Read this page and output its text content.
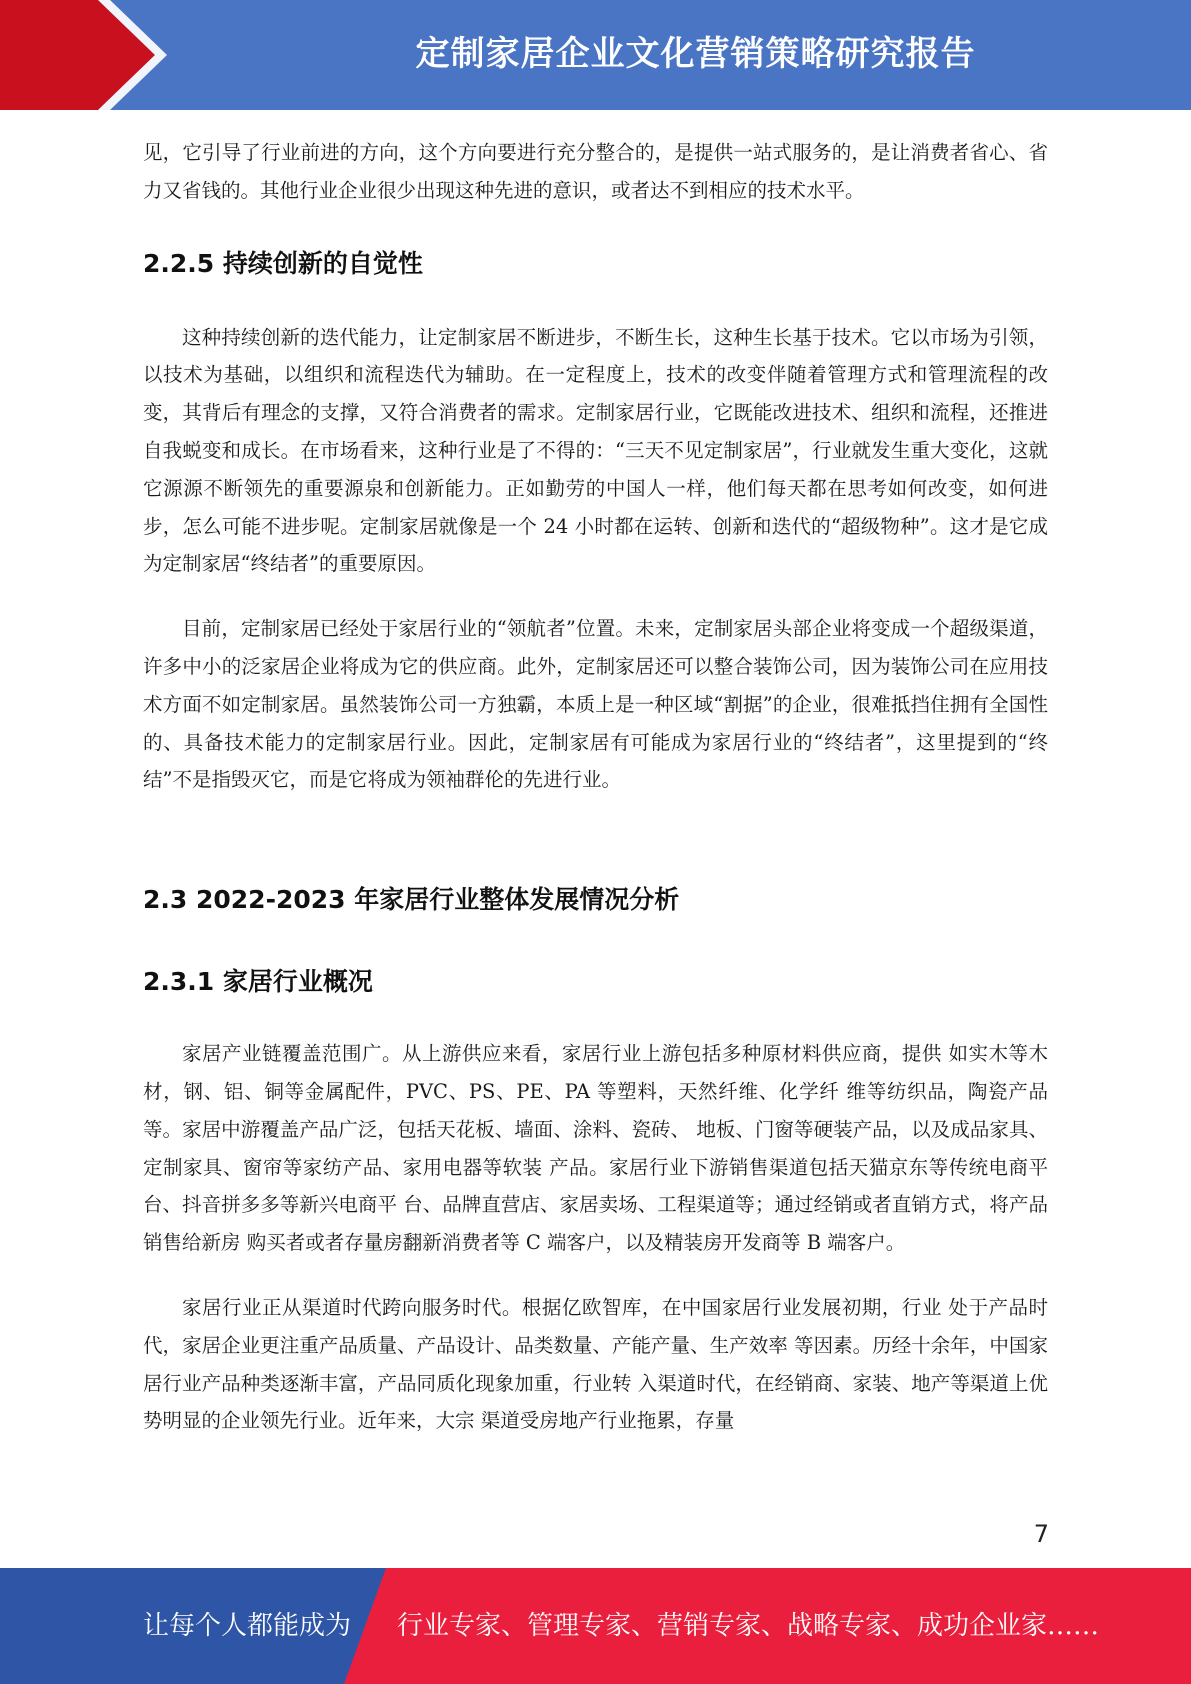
定制家居企业文化营销策略研究报告

见，它引导了行业前进的方向，这个方向要进行充分整合的，是提供一站式服务的，是让消费者省心、省力又省钱的。其他行业企业很少出现这种先进的意识，或者达不到相应的技术水平。

2.2.5 持续创新的自觉性

这种持续创新的迭代能力，让定制家居不断进步，不断生长，这种生长基于技术。它以市场为引领，以技术为基础，以组织和流程迭代为辅助。在一定程度上，技术的改变伴随着管理方式和管理流程的改变，其背后有理念的支撑，又符合消费者的需求。定制家居行业，它既能改进技术、组织和流程，还推进自我蜕变和成长。在市场看来，这种行业是了不得的：“三天不见定制家居”，行业就发生重大变化，这就它源源不断领先的重要源泉和创新能力。正如勤劳的中国人一样，他们每天都在思考如何改变，如何进步，怎么可能不进步呢。定制家居就像是一个 24 小时都在运转、创新和迭代的“超级物种”。这才是它成为定制家居“终结者”的重要原因。

目前，定制家居已经处于家居行业的“领航者”位置。未来，定制家居头部企业将变成一个超级渠道，许多中小的泛家居企业将成为它的供应商。此外，定制家居还可以整合装饰公司，因为装饰公司在应用技术方面不如定制家居。虽然装饰公司一方独霸，本质上是一种区域“割据”的企业，很难抵挡住拥有全国性的、具备技术能力的定制家居行业。因此，定制家居有可能成为家居行业的“终结者”，这里提到的“终结”不是指毁灭它，而是它将成为领袖群伦的先进行业。

2.3 2022-2023 年家居行业整体发展情况分析
2.3.1 家居行业概况

家居产业链覆盖范围广。从上游供应来看，家居行业上游包括多种原材料供应商，提供 如实木等木材，钢、铝、铜等金属配件，PVC、PS、PE、PA 等塑料，天然纤维、化学纤 维等纺织品，陶瓷产品等。家居中游覆盖产品广泛，包括天花板、墙面、涂料、瓷砖、 地板、门窗等硬装产品，以及成品家具、定制家具、窗帘等家纺产品、家用电器等软装 产品。家居行业下游销售渠道包括天猫京东等传统电商平台、抖音拼多多等新兴电商平 台、品牌直营店、家居卖场、工程渠道等；通过经销或者直销方式，将产品销售给新房 购买者或者存量房翻新消费者等 C 端客户，以及精装房开发商等 B 端客户。

家居行业正从渠道时代跨向服务时代。根据亿欧智库，在中国家居行业发展初期，行业 处于产品时代，家居企业更注重产品质量、产品设计、品类数量、产能产量、生产效率 等因素。历经十余年，中国家居行业产品种类逐渐丰富，产品同质化现象加重，行业转 入渠道时代，在经销商、家装、地产等渠道上优势明显的企业领先行业。近年来，大宗 渠道受房地产行业拖累，存量

7
让每个人都能成为 行业专家、管理专家、营销专家、战略专家、成功企业家……
